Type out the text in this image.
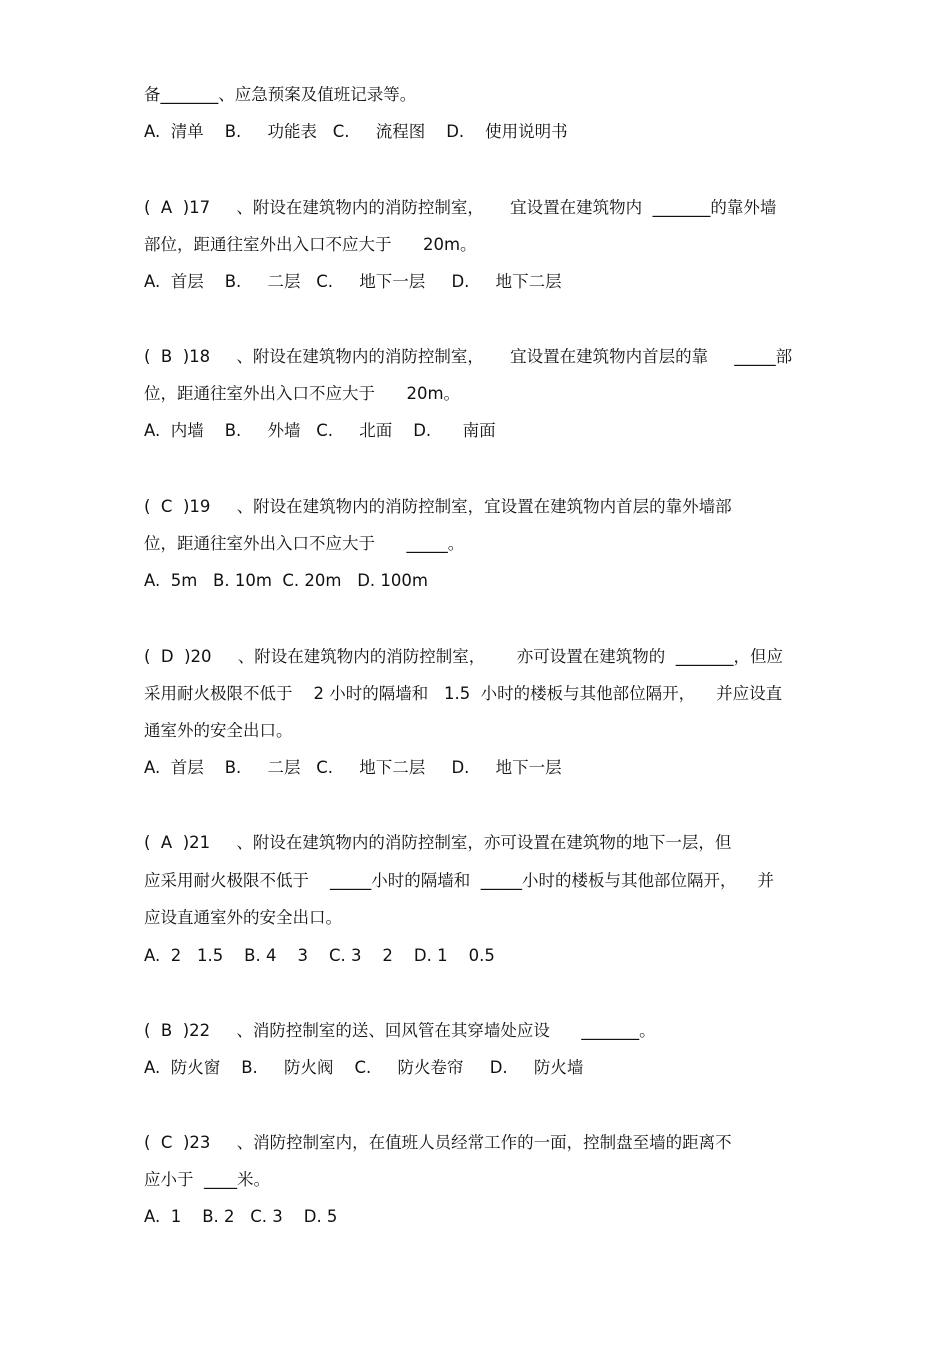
备_______、应急预案及值班记录等。
A.  清单    B.     功能表   C.     流程图    D.    使用说明书
(  A  )17     、附设在建筑物内的消防控制室，     宜设置在建筑物内  _______的靠外墙
部位，距通往室外出入口不应大于      20m。
A.  首层    B.     二层   C.     地下一层     D.     地下二层
(  B  )18     、附设在建筑物内的消防控制室，     宜设置在建筑物内首层的靠     _____部
位，距通往室外出入口不应大于      20m。
A.  内墙    B.     外墙   C.     北面    D.      南面
(  C  )19     、附设在建筑物内的消防控制室，宜设置在建筑物内首层的靠外墙部
位，距通往室外出入口不应大于      _____。
A.  5m   B. 10m  C. 20m   D. 100m
(  D  )20     、附设在建筑物内的消防控制室，      亦可设置在建筑物的  _______，但应
采用耐火极限不低于    2 小时的隔墙和   1.5  小时的楼板与其他部位隔开，    并应设直
通室外的安全出口。
A.  首层    B.     二层   C.     地下二层     D.     地下一层
(  A  )21     、附设在建筑物内的消防控制室，亦可设置在建筑物的地下一层，但
应采用耐火极限不低于    _____小时的隔墙和  _____小时的楼板与其他部位隔开，    并
应设直通室外的安全出口。
A.  2   1.5    B. 4    3    C. 3    2    D. 1    0.5
(  B  )22     、消防控制室的送、回风管在其穿墙处应设      _______。
A.  防火窗    B.     防火阀    C.     防火卷帘     D.     防火墙
(  C  )23     、消防控制室内，在值班人员经常工作的一面，控制盘至墙的距离不
应小于  ____米。
A.  1    B. 2   C. 3    D. 5
